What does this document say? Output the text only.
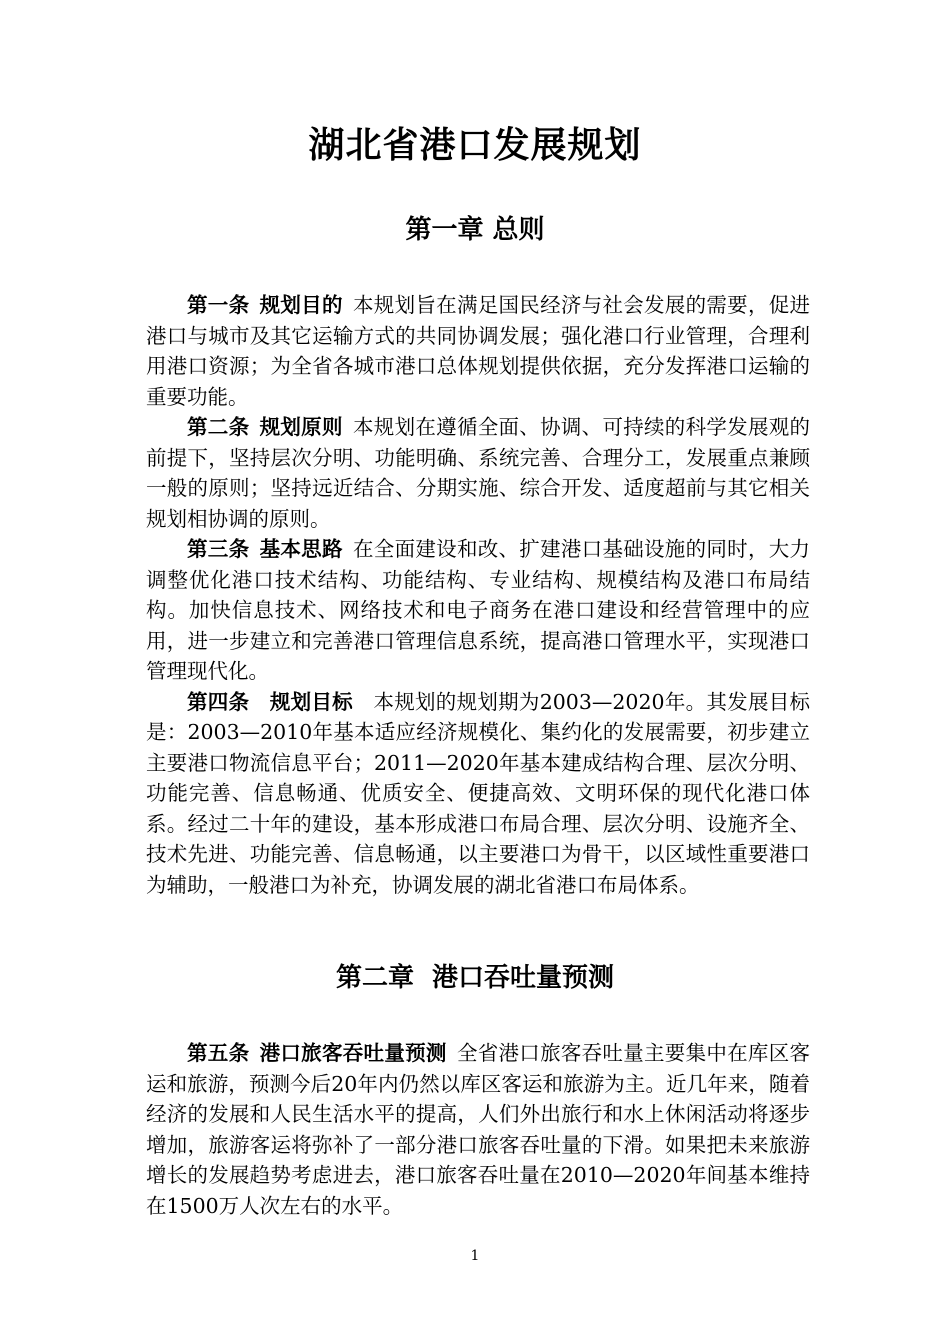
湖北省港口发展规划
第一章 总则

第一条 规划目的 本规划旨在满足国民经济与社会发展的需要，促进港口与城市及其它运输方式的共同协调发展；强化港口行业管理，合理利用港口资源；为全省各城市港口总体规划提供依据，充分发挥港口运输的重要功能。

第二条 规划原则 本规划在遵循全面、协调、可持续的科学发展观的前提下，坚持层次分明、功能明确、系统完善、合理分工，发展重点兼顾一般的原则；坚持远近结合、分期实施、综合开发、适度超前与其它相关规划相协调的原则。

第三条 基本思路 在全面建设和改、扩建港口基础设施的同时，大力调整优化港口技术结构、功能结构、专业结构、规模结构及港口布局结构。加快信息技术、网络技术和电子商务在港口建设和经营管理中的应用，进一步建立和完善港口管理信息系统，提高港口管理水平，实现港口管理现代化。

第四条 规划目标 本规划的规划期为2003—2020年。其发展目标是：2003—2010年基本适应经济规模化、集约化的发展需要，初步建立主要港口物流信息平台；2011—2020年基本建成结构合理、层次分明、功能完善、信息畅通、优质安全、便捷高效、文明环保的现代化港口体系。经过二十年的建设，基本形成港口布局合理、层次分明、设施齐全、技术先进、功能完善、信息畅通，以主要港口为骨干，以区域性重要港口为辅助，一般港口为补充，协调发展的湖北省港口布局体系。

第二章  港口吞吐量预测

第五条 港口旅客吞吐量预测 全省港口旅客吞吐量主要集中在库区客运和旅游，预测今后20年内仍然以库区客运和旅游为主。近几年来，随着经济的发展和人民生活水平的提高，人们外出旅行和水上休闲活动将逐步增加，旅游客运将弥补了一部分港口旅客吞吐量的下滑。如果把未来旅游增长的发展趋势考虑进去，港口旅客吞吐量在2010—2020年间基本维持在1500万人次左右的水平。

1
